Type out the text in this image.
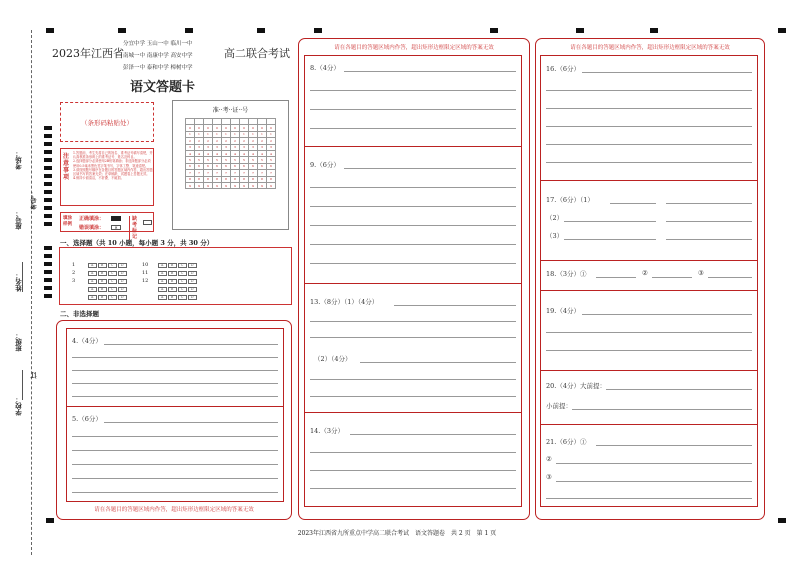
考场：
座号：
姓名：
班级：
学校：
考号：
订
2023年江西省
分宜中学 玉山一中 临川一中
南城一中 南康中学 高安中学
彭泽一中 泰和中学 樟树中学
高二联合考试
语文答题卡
（条形码粘贴处）
准··考··证··号

0	0	0	0	0	0	0	0	0	0
1	1	1	1	1	1	1	1	1	1
2	2	2	2	2	2	2	2	2	2
3	3	3	3	3	3	3	3	3	3
4	4	4	4	4	4	4	4	4	4
5	5	5	5	5	5	5	5	5	5
6	6	6	6	6	6	6	6	6	6
7	7	7	7	7	7	7	7	7	7
8	8	8	8	8	8	8	8	8	8
9	9	9	9	9	9	9	9	9	9
注意事项
1.答题前，考生先将自己的姓名、准考证号填写清楚，并认真核准条形码上的准考证号、姓名及科目。
2.选择题部分必须使用2B铅笔填涂；非选择题部分必须使用0.5毫米黑色签字笔书写，字体工整、笔迹清楚。
3.请按照题号顺序在各题目的答题区域内作答，超出答题区域书写的答案无效；在草稿纸、试题卷上答题无效。
4.保持卡面清洁，不折叠、不破损。
填涂样例
正确填涂：
错误填涂：	✕
缺考标记
一、选择题（共 10 小题，每小题 3 分，共 30 分）
1	A B C D
2	A B C D
3	A B C D
A B C D
A B C D
10	A B C D
11	A B C D
12	A B C D
A B C D
A B C D
二、非选择题
4.（4分）
5.（6分）
请在各题目的答题区域内作答，超出矩形边框限定区域的答案无效
请在各题目的答题区域内作答，超出矩形边框限定区域的答案无效
8.（4分）
9.（6分）
13.（8分）（1）（4分）
（2）（4分）
14.（3分）
请在各题目的答题区域内作答，超出矩形边框限定区域的答案无效
16.（6分）
17.（6分）（1）
（2）
（3）
18.（3分）①	②	③
19.（4分）
20.（4分）大前提：
小前提：
21.（6分）①
②
③
2023年江西省九所重点中学高二联合考试　语文答题卷　共 2 页　第 1 页
